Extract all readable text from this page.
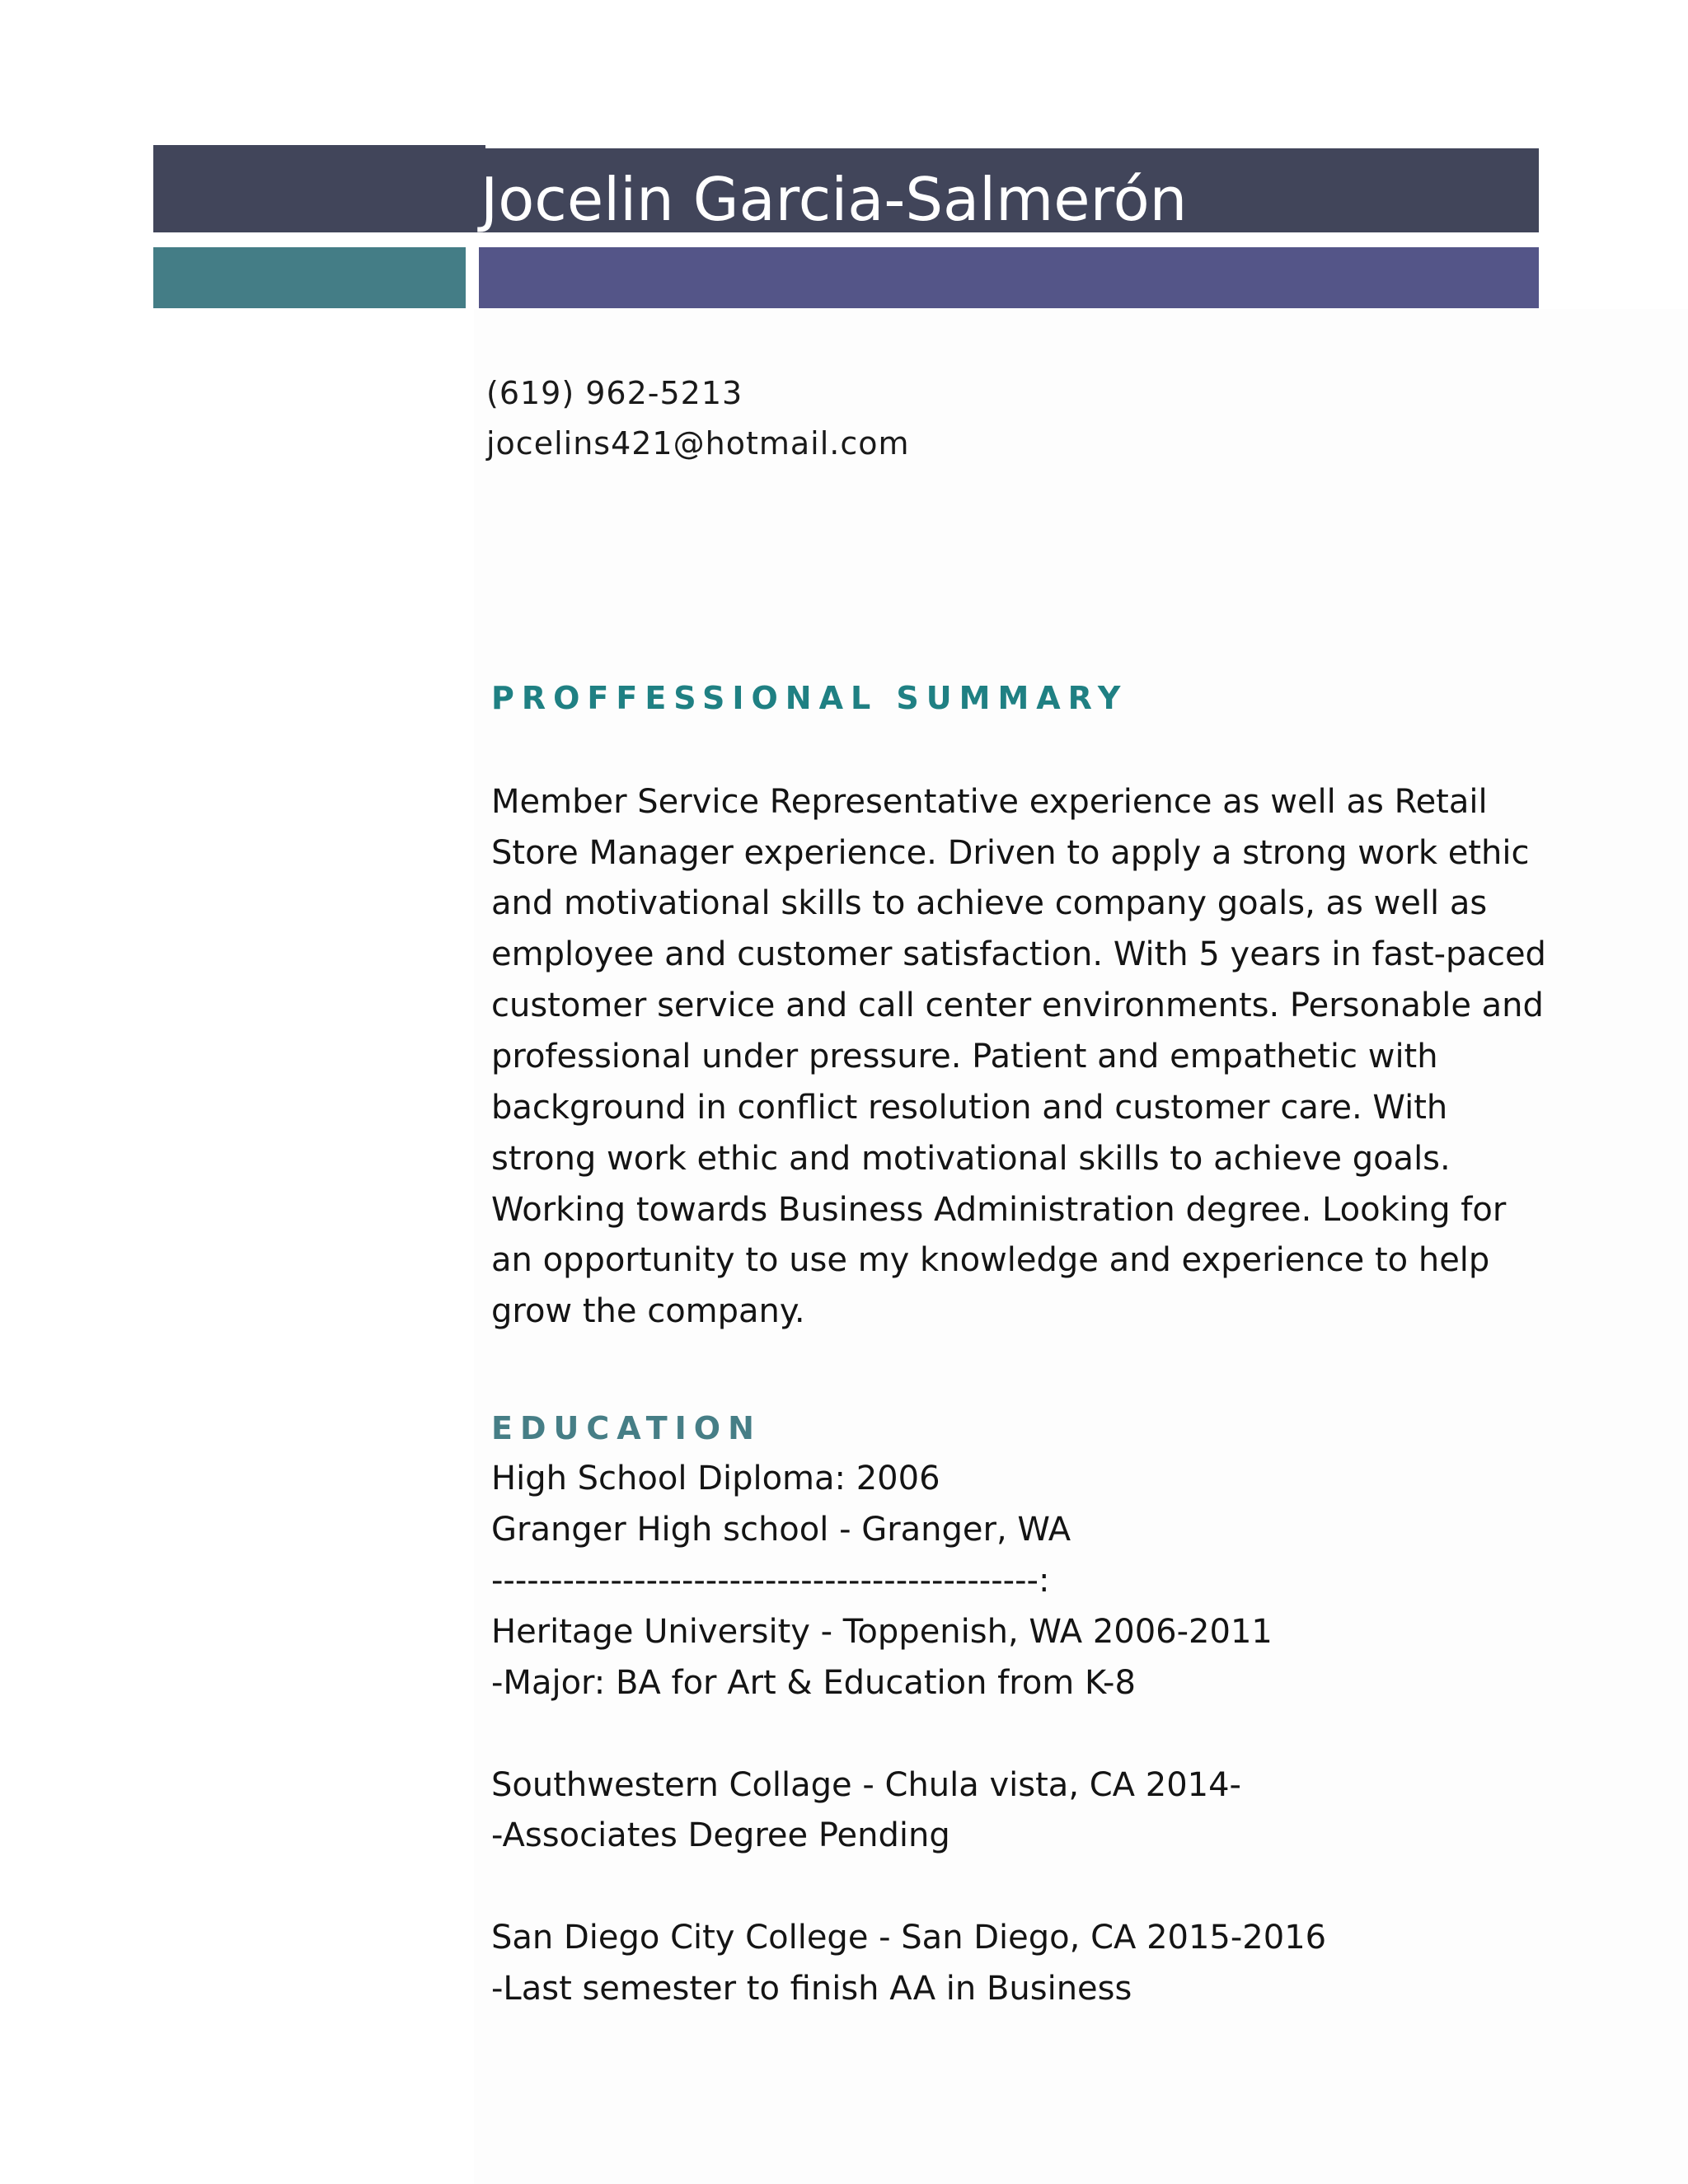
Jocelin Garcia-Salmerón
(619) 962-5213
jocelins421@hotmail.com
PROFFESSIONAL SUMMARY
Member Service Representative experience as well as Retail
Store Manager experience. Driven to apply a strong work ethic
and motivational skills to achieve company goals, as well as
employee and customer satisfaction. With 5 years in fast-paced
customer service and call center environments. Personable and
professional under pressure. Patient and empathetic with
background in conflict resolution and customer care. With
strong work ethic and motivational skills to achieve goals.
Working towards Business Administration degree. Looking for
an opportunity to use my knowledge and experience to help
grow the company.
EDUCATION
High School Diploma: 2006
Granger High school - Granger, WA
----------------------------------------------:
Heritage University - Toppenish, WA 2006-2011
-Major: BA for Art & Education from K-8
Southwestern Collage - Chula vista, CA 2014-
-Associates Degree Pending
San Diego City College - San Diego, CA 2015-2016
-Last semester to finish AA in Business
